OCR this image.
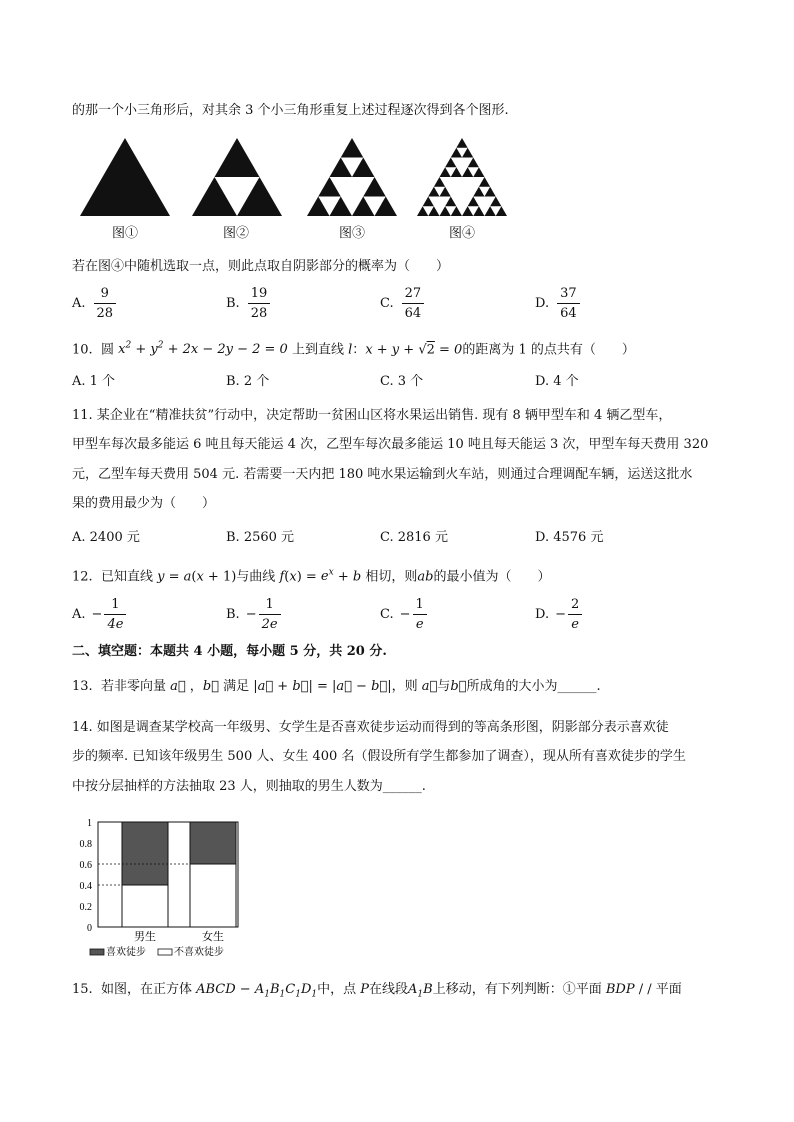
的那一个小三角形后，对其余 3 个小三角形重复上述过程逐次得到各个图形.
图①	图②	图③	图④
若在图④中随机选取一点，则此点取自阴影部分的概率为（　　）
A. $\frac{9}{28}$	B. $\frac{19}{28}$	C. $\frac{27}{64}$	D. $\frac{37}{64}$
10. 圆 $x^2 + y^2 + 2x - 2y - 2 = 0$ 上到直线 l：x + y + √2 = 0的距离为 1 的点共有（　　）
A. 1 个	B. 2 个	C. 3 个	D. 4 个
11. 某企业在“精准扶贫”行动中，决定帮助一贫困山区将水果运出销售. 现有 8 辆甲型车和 4 辆乙型车，
甲型车每次最多能运 6 吨且每天能运 4 次，乙型车每次最多能运 10 吨且每天能运 3 次，甲型车每天费用 320
元，乙型车每天费用 504 元. 若需要一天内把 180 吨水果运输到火车站，则通过合理调配车辆，运送这批水
果的费用最少为（　　）
A. 2400 元	B. 2560 元	C. 2816 元	D. 4576 元
12. 已知直线 y = a(x + 1)与曲线 $f(x) = e^x + b$ 相切，则ab的最小值为（　　）
A. − $\frac{1}{4e}$	B. − $\frac{1}{2e}$	C. − $\frac{1}{e}$	D. − $\frac{2}{e}$
二、填空题：本题共 4 小题，每小题 5 分，共 20 分.
13. 若非零向量 a⃗ ，b⃗ 满足 |a⃗ + b⃗| = |a⃗ − b⃗|，则 a⃗与b⃗所成角的大小为______.
14. 如图是调查某学校高一年级男、女学生是否喜欢徒步运动而得到的等高条形图，阴影部分表示喜欢徒
步的频率. 已知该年级男生 500 人、女生 400 名（假设所有学生都参加了调查），现从所有喜欢徒步的学生
中按分层抽样的方法抽取 23 人，则抽取的男生人数为______.
0
0.2
0.4
0.6
0.8
1
男生	女生
喜欢徒步	不喜欢徒步
15. 如图，在正方体 ABCD − $A_1B_1C_1D_1$中，点 P在线段$A_1B$上移动，有下列判断：①平面 BDP / / 平面
